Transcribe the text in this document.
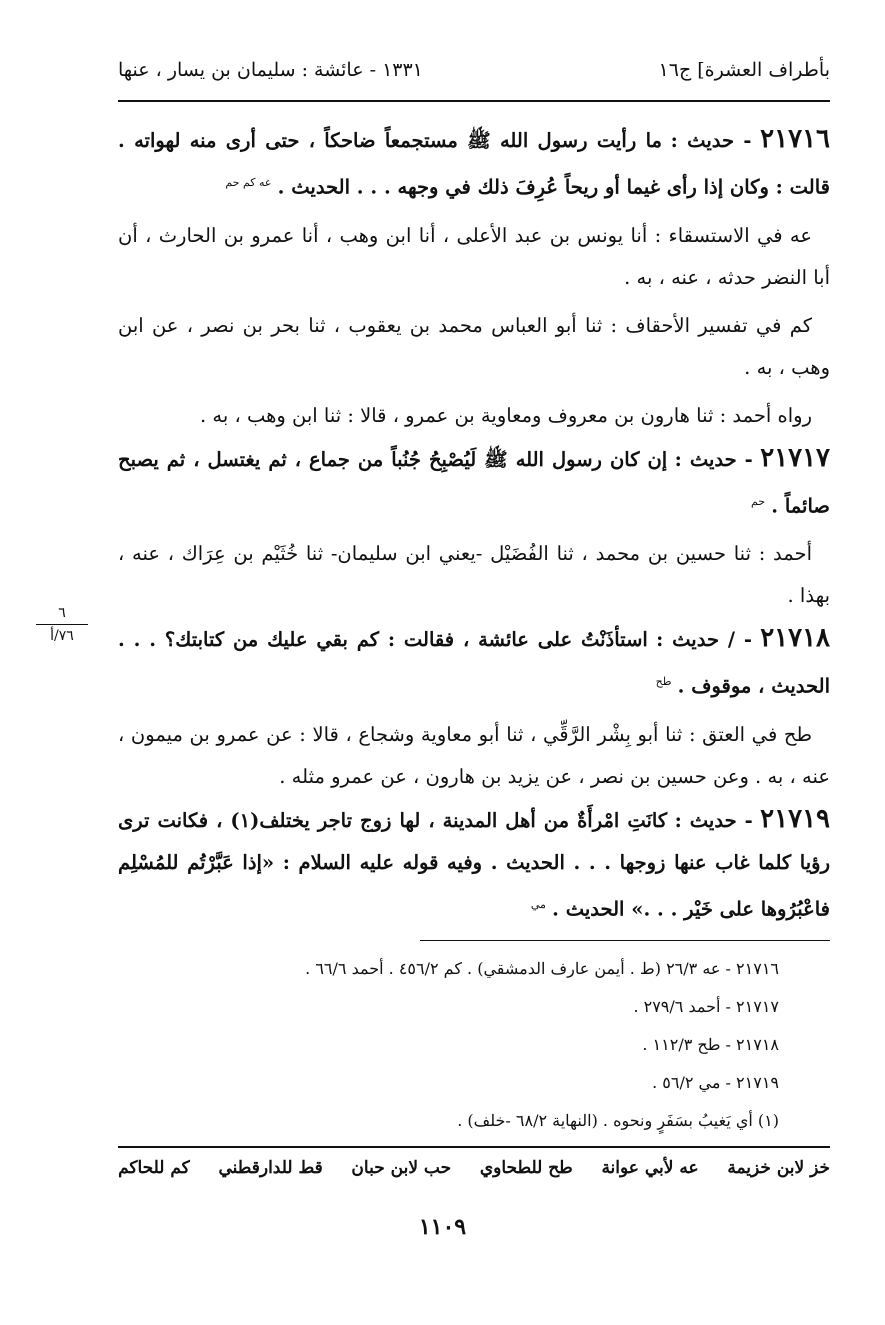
بأطراف العشرة] ج١٦
١٣٣١ - عائشة : سليمان بن يسار ، عنها
٢١٧١٦ - حديث : ما رأيت رسول الله ﷺ مستجمعاً ضاحكاً ، حتى أرى منه لهواته . قالت : وكان إذا رأى غيما أو ريحاً عُرِفَ ذلك في وجهه . . . الحديث . $^{عه كم حم}$

عه في الاستسقاء : أنا يونس بن عبد الأعلى ، أنا ابن وهب ، أنا عمرو بن الحارث ، أن أبا النضر حدثه ، عنه ، به .

كم في تفسير الأحقاف : ثنا أبو العباس محمد بن يعقوب ، ثنا بحر بن نصر ، عن ابن وهب ، به .

رواه أحمد : ثنا هارون بن معروف ومعاوية بن عمرو ، قالا : ثنا ابن وهب ، به .

٢١٧١٧ - حديث : إن كان رسول الله ﷺ لَيُصْبِحُ جُنُباً من جماع ، ثم يغتسل ، ثم يصبح صائماً . $^{حم}$

أحمد : ثنا حسين بن محمد ، ثنا الفُضَيْل -يعني ابن سليمان- ثنا خُثَيْم بن عِرَاك ، عنه ، بهذا .

٢١٧١٨ - / حديث : استأذَنْتُ على عائشة ، فقالت : كم بقي عليك من كتابتك؟ . . . الحديث ، موقوف . $^{طح}$

طح في العتق : ثنا أبو بِشْر الرَّقِّي ، ثنا أبو معاوية وشجاع ، قالا : عن عمرو بن ميمون ، عنه ، به . وعن حسين بن نصر ، عن يزيد بن هارون ، عن عمرو مثله .

٢١٧١٩ - حديث : كانَتِ امْرأَةٌ من أهل المدينة ، لها زوج تاجر يختلف(١) ، فكانت ترى رؤيا كلما غاب عنها زوجها . . . الحديث . وفيه قوله عليه السلام : «إذا عَبَّرْتُم للمُسْلِم فاعْبُرُوها على خَيْر . . .» الحديث . $^{مي}$
٦
٧٦/أ
٢١٧١٦ - عه ٢٦/٣ (ط . أيمن عارف الدمشقي) . كم ٤٥٦/٢ . أحمد ٦٦/٦ .
٢١٧١٧ - أحمد ٢٧٩/٦ .
٢١٧١٨ - طح ١١٢/٣ .
٢١٧١٩ - مي ٥٦/٢ .
(١) أي يَغيبُ بسَفَرٍ ونحوه . (النهاية ٦٨/٢ -خلف) .
خز لابن خزيمة
عه لأبي عوانة
طح للطحاوي
حب لابن حبان
قط للدارقطني
كم للحاكم
١١٠٩
